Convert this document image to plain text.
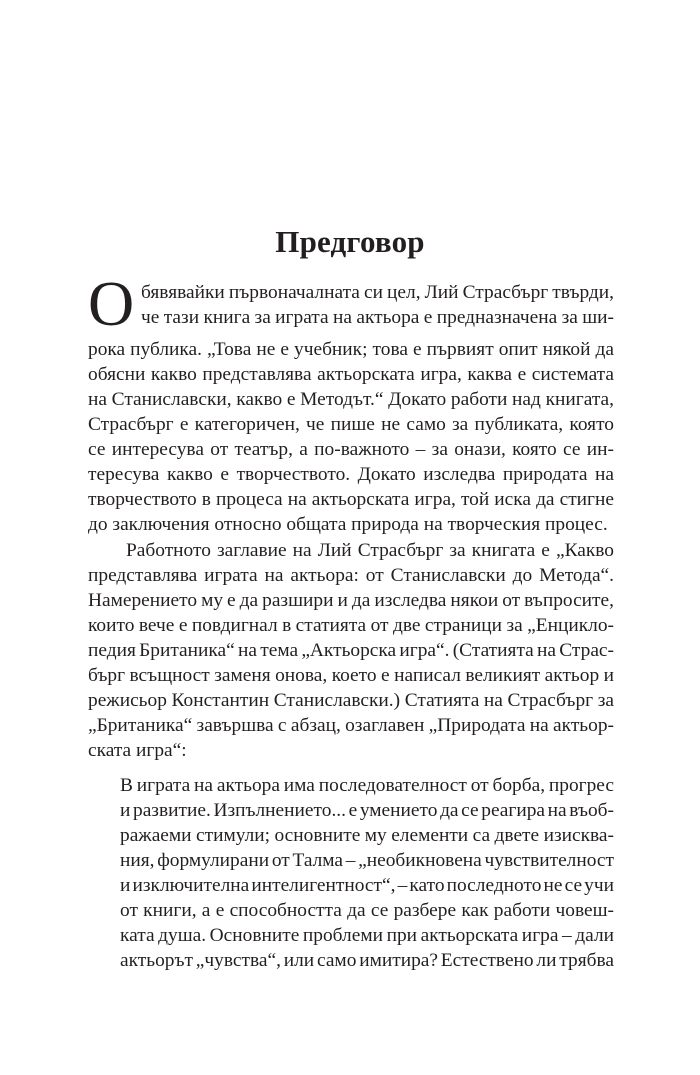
Предговор
О бявявайки първоначалната си цел, Лий Страсбърг твърди,
че тази книга за играта на актьора е предназначена за ши-
рока публика. „Това не е учебник; това е първият опит някой да
обясни какво представлява актьорската игра, каква е системата
на Станиславски, какво е Методът.“ Докато работи над книгата,
Страсбърг е категоричен, че пише не само за публиката, която
се интересува от театър, а по-важното – за онази, която се ин-
тересува какво е творчеството. Докато изследва природата на
творчеството в процеса на актьорската игра, той иска да стигне
до заключения относно общата природа на творческия процес.
Работното заглавие на Лий Страсбърг за книгата е „Какво
представлява играта на актьора: от Станиславски до Метода“.
Намерението му е да разшири и да изследва някои от въпросите,
които вече е повдигнал в статията от две страници за „Енцикло-
педия Британика“ на тема „Актьорска игра“. (Статията на Страс-
бърг всъщност заменя онова, което е написал великият актьор и
режисьор Константин Станиславски.) Статията на Страсбърг за
„Британика“ завършва с абзац, озаглавен „Природата на актьор-
ската игра“:
В играта на актьора има последователност от борба, прогрес
и развитие. Изпълнението... е умението да се реагира на въоб-
ражаеми стимули; основните му елементи са двете изисква-
ния, формулирани от Талма – „необикновена чувствителност
и изключителна интелигентност“, – като последното не се учи
от книги, а е способността да се разбере как работи човеш-
ката душа. Основните проблеми при актьорската игра – дали
актьорът „чувства“, или само имитира? Естествено ли трябва
